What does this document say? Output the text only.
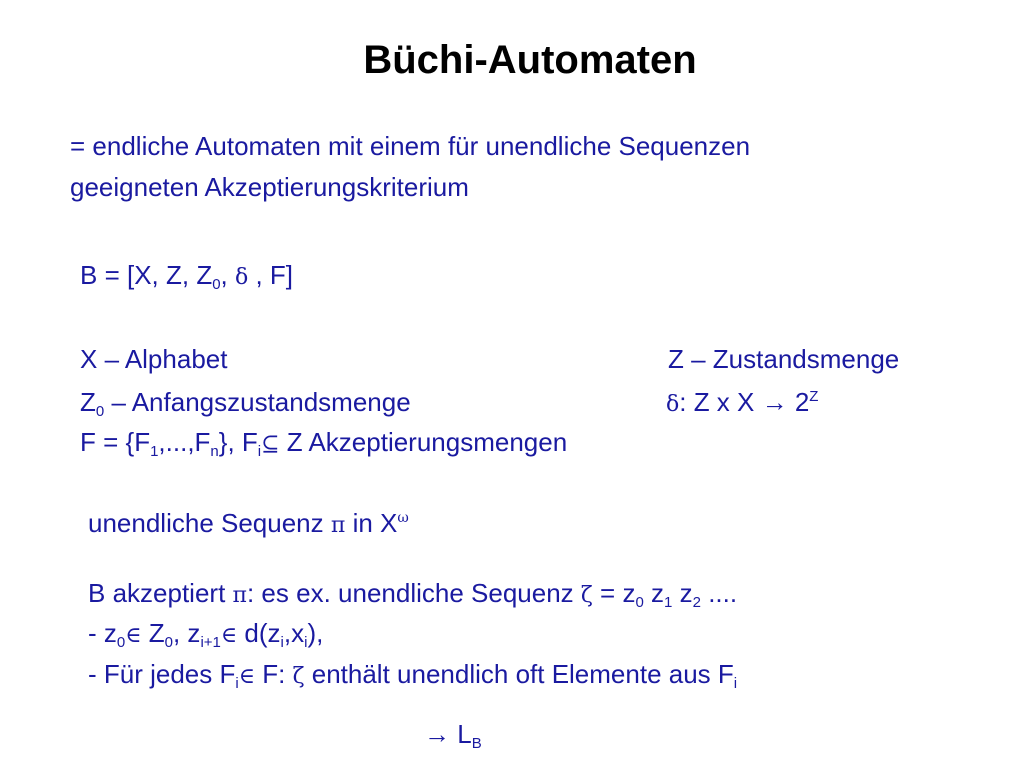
Büchi-Automaten
= endliche Automaten mit einem für unendliche Sequenzen
geeigneten Akzeptierungskriterium
B = [X, Z, $Z_0$, δ , F]
X – Alphabet	Z – Zustandsmenge
$Z_0$ – Anfangszustandsmenge	δ: Z x $X \to 2^Z$
$F = \{F_1,...,F_n\}$, $F_i⊆$ Z Akzeptierungsmengen
unendliche Sequenz π in $X^\omega$
B akzeptiert π: es ex. unendliche Sequenz $\zeta = z_0$ $z_1$ $z_2$ ....
- $z_0\in$ $Z_0$, $z_{i+1}\in$ $d(z_i,x_i)$,
- Für jedes $F_i\in$ F: ζ enthält unendlich oft Elemente aus $F_i$
→ $L_B$
